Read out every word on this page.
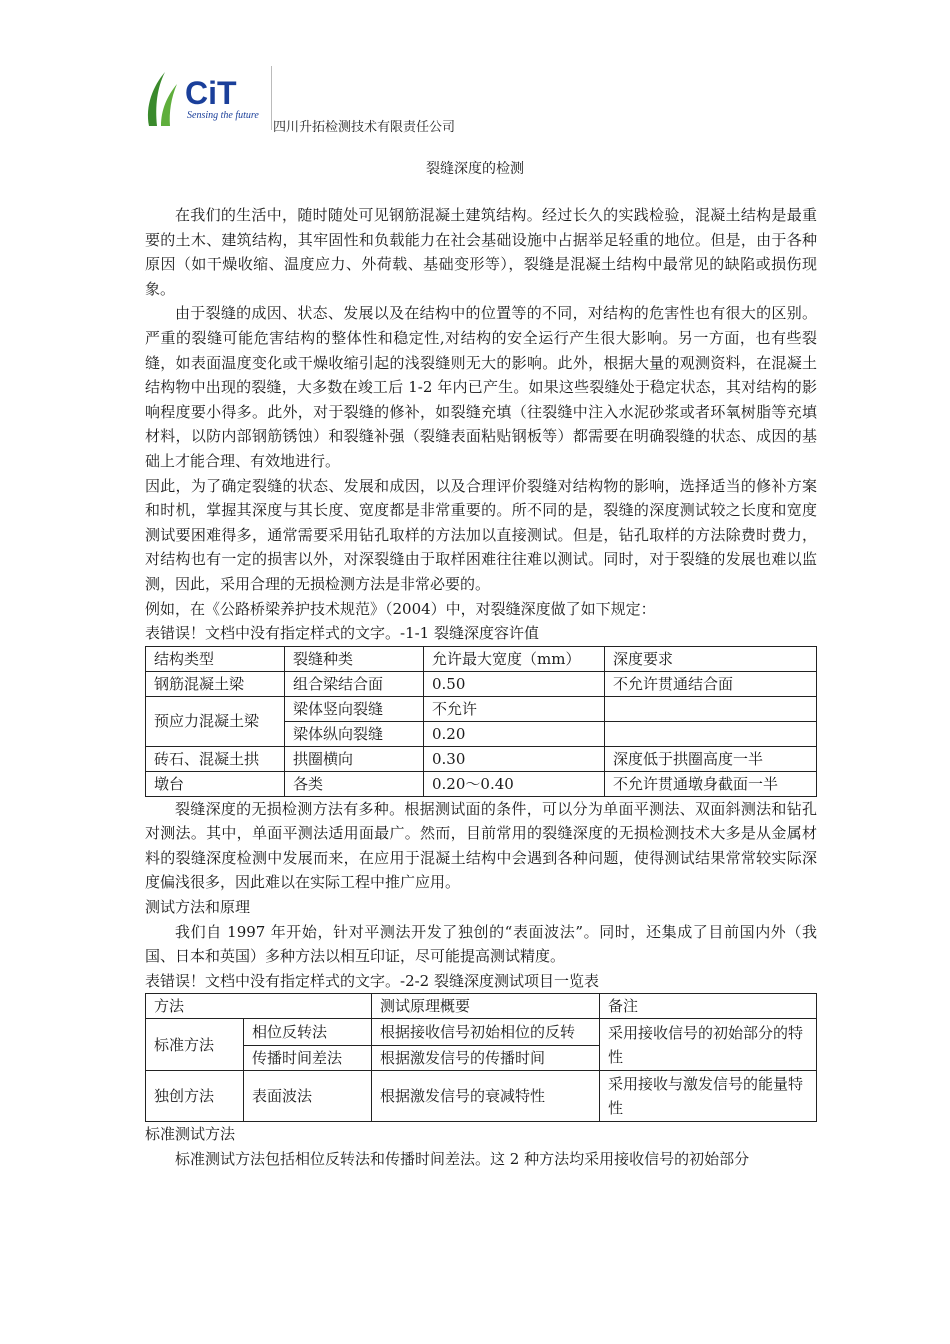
CiT
Sensing the future
四川升拓检测技术有限责任公司
裂缝深度的检测

在我们的生活中，随时随处可见钢筋混凝土建筑结构。经过长久的实践检验，混凝土结构是最重要的土木、建筑结构，其牢固性和负载能力在社会基础设施中占据举足轻重的地位。但是，由于各种原因（如干燥收缩、温度应力、外荷载、基础变形等），裂缝是混凝土结构中最常见的缺陷或损伤现象。

由于裂缝的成因、状态、发展以及在结构中的位置等的不同，对结构的危害性也有很大的区别。严重的裂缝可能危害结构的整体性和稳定性,对结构的安全运行产生很大影响。另一方面，也有些裂缝，如表面温度变化或干燥收缩引起的浅裂缝则无大的影响。此外，根据大量的观测资料，在混凝土结构物中出现的裂缝，大多数在竣工后 1-2 年内已产生。如果这些裂缝处于稳定状态，其对结构的影响程度要小得多。此外，对于裂缝的修补，如裂缝充填（往裂缝中注入水泥砂浆或者环氧树脂等充填材料，以防内部钢筋锈蚀）和裂缝补强（裂缝表面粘贴钢板等）都需要在明确裂缝的状态、成因的基础上才能合理、有效地进行。

因此，为了确定裂缝的状态、发展和成因，以及合理评价裂缝对结构物的影响，选择适当的修补方案和时机，掌握其深度与其长度、宽度都是非常重要的。所不同的是，裂缝的深度测试较之长度和宽度测试要困难得多，通常需要采用钻孔取样的方法加以直接测试。但是，钻孔取样的方法除费时费力，对结构也有一定的损害以外，对深裂缝由于取样困难往往难以测试。同时，对于裂缝的发展也难以监测，因此，采用合理的无损检测方法是非常必要的。

例如，在《公路桥梁养护技术规范》（2004）中，对裂缝深度做了如下规定：

表错误！文档中没有指定样式的文字。-1-1 裂缝深度容许值

结构类型	裂缝种类	允许最大宽度（mm）	深度要求
钢筋混凝土梁	组合梁结合面	0.50	不允许贯通结合面
预应力混凝土梁	梁体竖向裂缝	不允许	
	梁体纵向裂缝	0.20	
砖石、混凝土拱	拱圈横向	0.30	深度低于拱圈高度一半
墩台	各类	0.20～0.40	不允许贯通墩身截面一半

裂缝深度的无损检测方法有多种。根据测试面的条件，可以分为单面平测法、双面斜测法和钻孔对测法。其中，单面平测法适用面最广。然而，目前常用的裂缝深度的无损检测技术大多是从金属材料的裂缝深度检测中发展而来，在应用于混凝土结构中会遇到各种问题，使得测试结果常常较实际深度偏浅很多，因此难以在实际工程中推广应用。

测试方法和原理

我们自 1997 年开始，针对平测法开发了独创的“表面波法”。同时，还集成了目前国内外（我国、日本和英国）多种方法以相互印证，尽可能提高测试精度。

表错误！文档中没有指定样式的文字。-2-2 裂缝深度测试项目一览表

方法		测试原理概要	备注
标准方法	相位反转法	根据接收信号初始相位的反转	采用接收信号的初始部分的特性
	传播时间差法	根据激发信号的传播时间	
独创方法	表面波法	根据激发信号的衰减特性	采用接收与激发信号的能量特性

标准测试方法

标准测试方法包括相位反转法和传播时间差法。这 2 种方法均采用接收信号的初始部分
